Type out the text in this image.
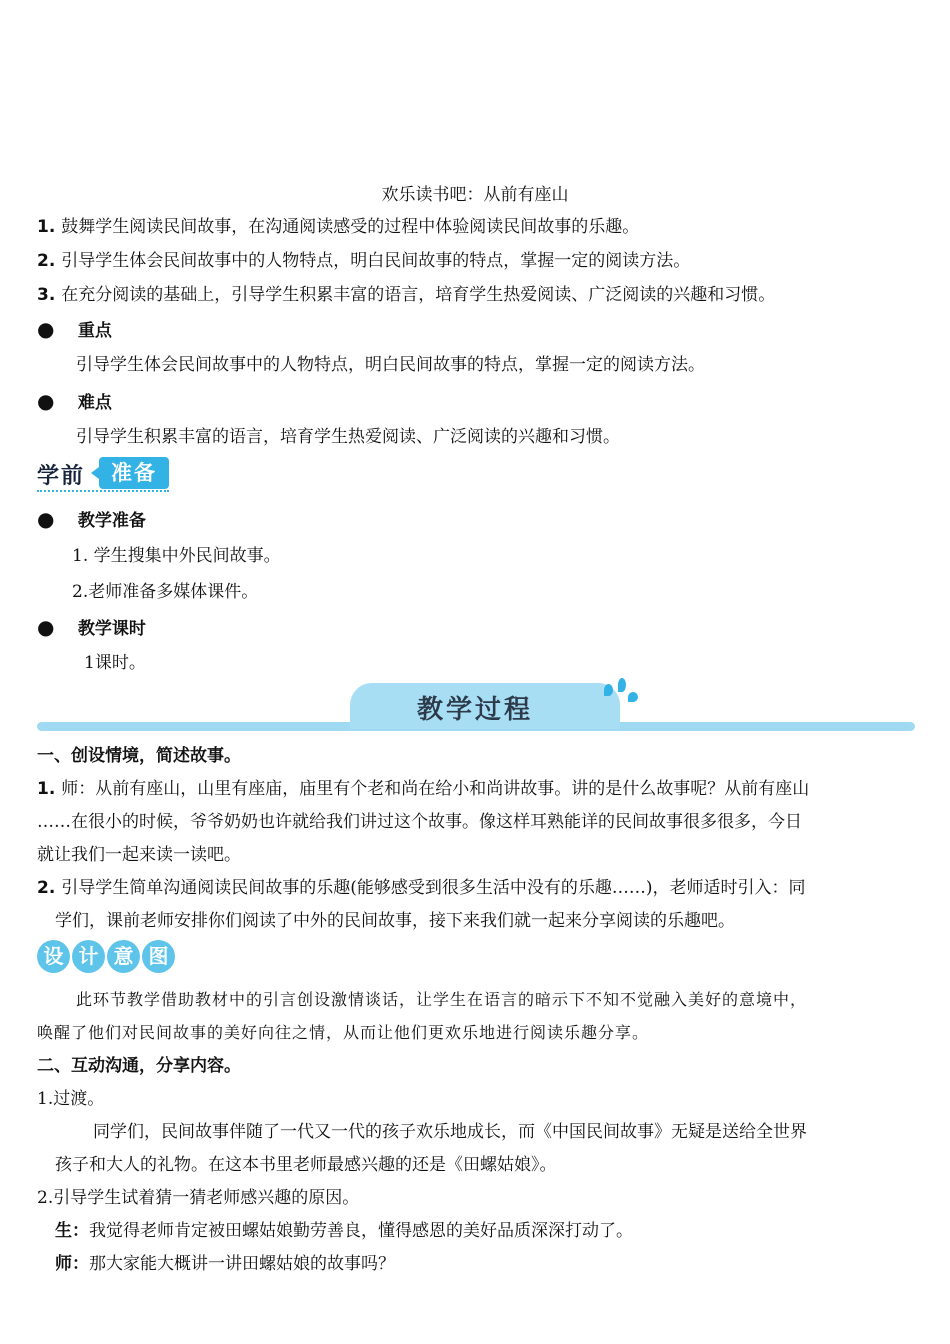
欢乐读书吧：从前有座山
1. 鼓舞学生阅读民间故事，在沟通阅读感受的过程中体验阅读民间故事的乐趣。
2. 引导学生体会民间故事中的人物特点，明白民间故事的特点，掌握一定的阅读方法。
3. 在充分阅读的基础上，引导学生积累丰富的语言，培育学生热爱阅读、广泛阅读的兴趣和习惯。
● 重点
引导学生体会民间故事中的人物特点，明白民间故事的特点，掌握一定的阅读方法。
● 难点
引导学生积累丰富的语言，培育学生热爱阅读、广泛阅读的兴趣和习惯。
学前	准备
● 教学准备
1. 学生搜集中外民间故事。
2.老师准备多媒体课件。
● 教学课时
1课时。
教学过程
一、创设情境，简述故事。
1. 师：从前有座山，山里有座庙，庙里有个老和尚在给小和尚讲故事。讲的是什么故事呢？从前有座山
……在很小的时候，爷爷奶奶也许就给我们讲过这个故事。像这样耳熟能详的民间故事很多很多，今日
就让我们一起来读一读吧。
2. 引导学生简单沟通阅读民间故事的乐趣(能够感受到很多生活中没有的乐趣……)，老师适时引入：同
学们，课前老师安排你们阅读了中外的民间故事，接下来我们就一起来分享阅读的乐趣吧。
设 计 意 图
此环节教学借助教材中的引言创设激情谈话，让学生在语言的暗示下不知不觉融入美好的意境中，
唤醒了他们对民间故事的美好向往之情，从而让他们更欢乐地进行阅读乐趣分享。
二、互动沟通，分享内容。
1.过渡。
同学们，民间故事伴随了一代又一代的孩子欢乐地成长，而《中国民间故事》无疑是送给全世界
孩子和大人的礼物。在这本书里老师最感兴趣的还是《田螺姑娘》。
2.引导学生试着猜一猜老师感兴趣的原因。
生：我觉得老师肯定被田螺姑娘勤劳善良，懂得感恩的美好品质深深打动了。
师：那大家能大概讲一讲田螺姑娘的故事吗？
